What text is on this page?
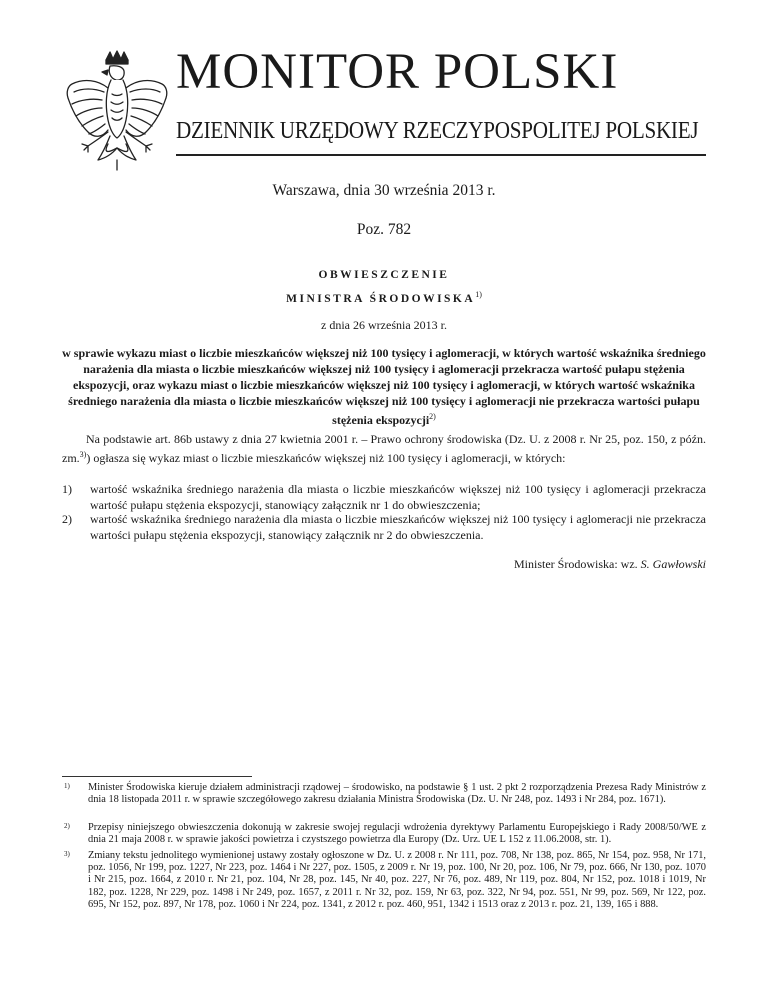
MONITOR POLSKI
DZIENNIK URZĘDOWY RZECZYPOSPOLITEJ POLSKIEJ
Warszawa, dnia 30 września 2013 r.
Poz. 782
OBWIESZCZENIE
MINISTRA ŚRODOWISKA$^{1)}$
z dnia 26 września 2013 r.
w sprawie wykazu miast o liczbie mieszkańców większej niż 100 tysięcy i aglomeracji, w których wartość wskaźnika średniego narażenia dla miasta o liczbie mieszkańców większej niż 100 tysięcy i aglomeracji przekracza wartość pułapu stężenia ekspozycji, oraz wykazu miast o liczbie mieszkańców większej niż 100 tysięcy i aglomeracji, w których wartość wskaźnika średniego narażenia dla miasta o liczbie mieszkańców większej niż 100 tysięcy i aglomeracji nie przekracza wartości pułapu stężenia ekspozycji$^{2)}$
Na podstawie art. 86b ustawy z dnia 27 kwietnia 2001 r. – Prawo ochrony środowiska (Dz. U. z 2008 r. Nr 25, poz. 150, z późn. zm.$^{3)}$) ogłasza się wykaz miast o liczbie mieszkańców większej niż 100 tysięcy i aglomeracji, w których:
1) wartość wskaźnika średniego narażenia dla miasta o liczbie mieszkańców większej niż 100 tysięcy i aglomeracji przekracza wartość pułapu stężenia ekspozycji, stanowiący załącznik nr 1 do obwieszczenia;
2) wartość wskaźnika średniego narażenia dla miasta o liczbie mieszkańców większej niż 100 tysięcy i aglomeracji nie przekracza wartości pułapu stężenia ekspozycji, stanowiący załącznik nr 2 do obwieszczenia.
Minister Środowiska: wz. S. Gawłowski
1) Minister Środowiska kieruje działem administracji rządowej – środowisko, na podstawie § 1 ust. 2 pkt 2 rozporządzenia Prezesa Rady Ministrów z dnia 18 listopada 2011 r. w sprawie szczegółowego zakresu działania Ministra Środowiska (Dz. U. Nr 248, poz. 1493 i Nr 284, poz. 1671).
2) Przepisy niniejszego obwieszczenia dokonują w zakresie swojej regulacji wdrożenia dyrektywy Parlamentu Europejskiego i Rady 2008/50/WE z dnia 21 maja 2008 r. w sprawie jakości powietrza i czystszego powietrza dla Europy (Dz. Urz. UE L 152 z 11.06.2008, str. 1).
3) Zmiany tekstu jednolitego wymienionej ustawy zostały ogłoszone w Dz. U. z 2008 r. Nr 111, poz. 708, Nr 138, poz. 865, Nr 154, poz. 958, Nr 171, poz. 1056, Nr 199, poz. 1227, Nr 223, poz. 1464 i Nr 227, poz. 1505, z 2009 r. Nr 19, poz. 100, Nr 20, poz. 106, Nr 79, poz. 666, Nr 130, poz. 1070 i Nr 215, poz. 1664, z 2010 r. Nr 21, poz. 104, Nr 28, poz. 145, Nr 40, poz. 227, Nr 76, poz. 489, Nr 119, poz. 804, Nr 152, poz. 1018 i 1019, Nr 182, poz. 1228, Nr 229, poz. 1498 i Nr 249, poz. 1657, z 2011 r. Nr 32, poz. 159, Nr 63, poz. 322, Nr 94, poz. 551, Nr 99, poz. 569, Nr 122, poz. 695, Nr 152, poz. 897, Nr 178, poz. 1060 i Nr 224, poz. 1341, z 2012 r. poz. 460, 951, 1342 i 1513 oraz z 2013 r. poz. 21, 139, 165 i 888.
